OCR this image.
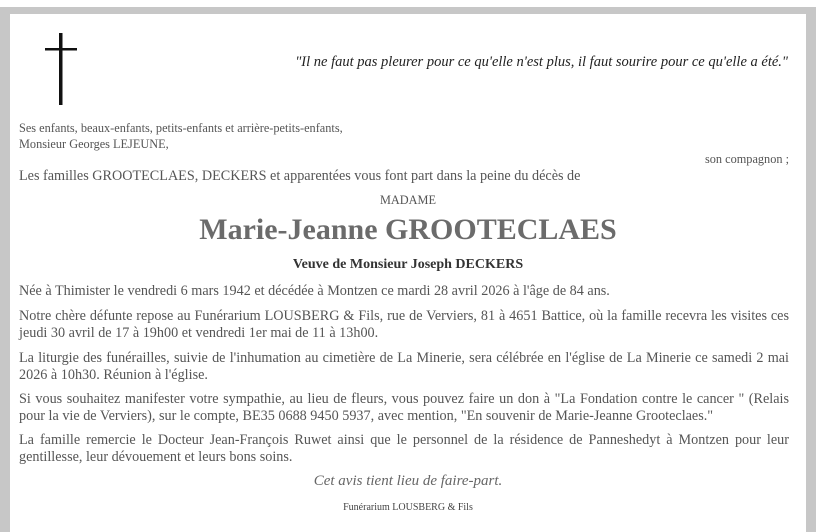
"Il ne faut pas pleurer pour ce qu'elle n'est plus, il faut sourire pour ce qu'elle a été."

Ses enfants, beaux-enfants, petits-enfants et arrière-petits-enfants,

Monsieur Georges LEJEUNE,

son compagnon ;

Les familles GROOTECLAES, DECKERS et apparentées vous font part dans la peine du décès de

MADAME

Marie-Jeanne GROOTECLAES

Veuve de Monsieur Joseph DECKERS

Née à Thimister le vendredi 6 mars 1942 et décédée à Montzen ce mardi 28 avril 2026 à l'âge de 84 ans.

Notre chère défunte repose au Funérarium LOUSBERG & Fils, rue de Verviers, 81 à 4651 Battice, où la famille recevra les visites ces jeudi 30 avril de 17 à 19h00 et vendredi 1er mai de 11 à 13h00.

La liturgie des funérailles, suivie de l'inhumation au cimetière de La Minerie, sera célébrée en l'église de La Minerie ce samedi 2 mai 2026 à 10h30. Réunion à l'église.

Si vous souhaitez manifester votre sympathie, au lieu de fleurs, vous pouvez faire un don à "La Fondation contre le cancer " (Relais pour la vie de Verviers), sur le compte, BE35 0688 9450 5937, avec mention, "En souvenir de Marie-Jeanne Grooteclaes."

La famille remercie le Docteur Jean-François Ruwet ainsi que le personnel de la résidence de Panneshedyt à Montzen pour leur gentillesse, leur dévouement et leurs bons soins.

Cet avis tient lieu de faire-part.

Funérarium LOUSBERG & Fils
